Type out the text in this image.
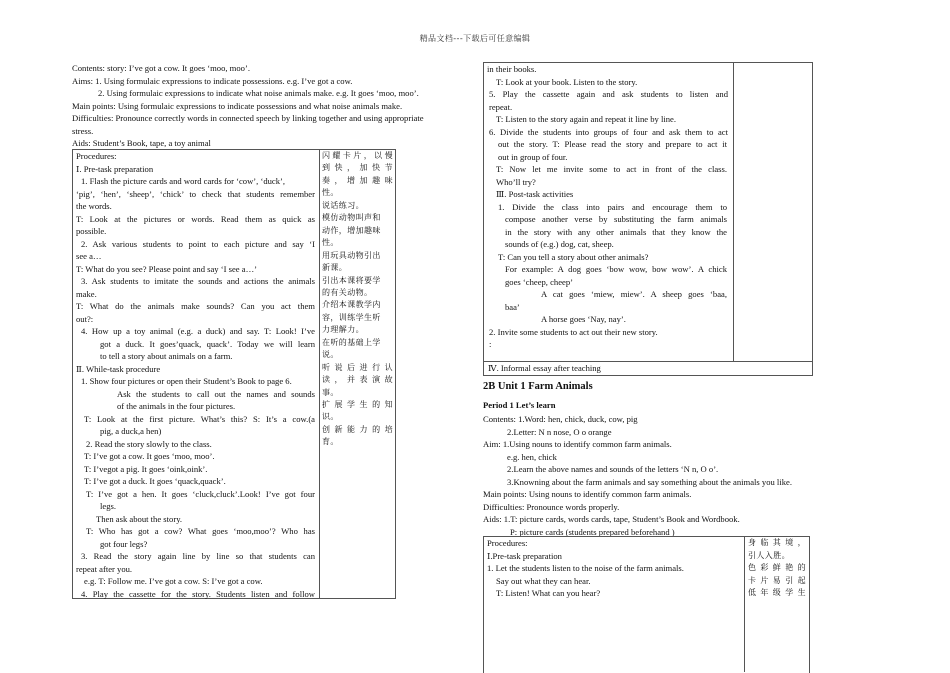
精品文档---下载后可任意编辑
Contents: story: I’ve got a cow. It goes ‘moo, moo’.
Aims: 1. Using formulaic expressions to indicate possessions. e.g. I’ve got a cow.
2. Using formulaic expressions to indicate what noise animals make. e.g. It goes ‘moo, moo’.
Main points: Using formulaic expressions to indicate possessions and what noise animals make.
Difficulties: Pronounce correctly words in connected speech by linking together and using appropriate
stress.
Aids: Student’s Book, tape, a toy animal
Procedures:
Ⅰ. Pre-task preparation
1. Flash the picture cards and word cards for ‘cow’, ‘duck’,
‘pig’, ‘hen’, ‘sheep’, ‘chick’ to check that students remember
the words.
T: Look at the pictures or words. Read them as quick as
possible.
2. Ask various students to point to each picture and say ‘I
see a…
T: What do you see? Please point and say ‘I see a…’
3. Ask students to imitate the sounds and actions the animals
make.
T: What do the animals make sounds? Can you act them
out?:
4. How up a toy animal (e.g. a duck) and say. T: Look! I’ve
got a duck. It goes’quack, quack’. Today we will learn
to tell a story about animals on a farm.
Ⅱ. While-task procedure
1. Show four pictures or open their Student’s Book to page 6.
Ask the students to call out the names and sounds
of the animals in the four pictures.
T: Look at the first picture. What’s this? S: It’s a cow.(a
pig, a duck,a hen)
2. Read the story slowly to the class.
T: I’ve got a cow. It goes ‘moo, moo’.
T: I’vegot a pig. It goes ‘oink,oink’.
T: I’ve got a duck. It goes ‘quack,quack’.
T: I’ve got a hen. It goes ‘cluck,cluck’.Look! I’ve got four
legs.
Then ask about the story.
T: Who has got a cow? What goes ‘moo,moo’? Who has
got four legs?
3. Read the story again line by line so that students can
repeat after you.
e.g. T: Follow me. I’ve got a cow. S: I’ve got a cow.
4. Play the cassette for the story. Students listen and follow
闪耀卡片，以慢
到快，加快节
奏，增加趣味
性。
说话练习。
模仿动物叫声和
动作，增加趣味
性。
用玩具动物引出
新课。
引出本课将要学
的有关动物。
介绍本课教学内
容，训练学生听
力理解力。
在听的基础上学
说。
听说后进行认
读，并表演故
事。
扩展学生的知
识。
创新能力的培
育。
in their books.
T: Look at your book. Listen to the story.
5. Play the cassette again and ask students to listen and
repeat.
T: Listen to the story again and repeat it line by line.
6. Divide the students into groups of four and ask them to act
out the story. T: Please read the story and prepare to act it
out in group of four.
T: Now let me invite some to act in front of the class.
Who’ll try?
Ⅲ. Post-task activities
1. Divide the class into pairs and encourage them to
compose another verse by substituting the farm animals
in the story with any other animals that they know the
sounds of (e.g.) dog, cat, sheep.
T: Can you tell a story about other animals?
For example: A dog goes ‘bow wow, bow wow’. A chick
goes ‘cheep, cheep’
A cat goes ‘miew, miew’. A sheep goes ‘baa,
baa’
A horse goes ‘Nay, nay’.
2. Invite some students to act out their new story.
:
Ⅳ. Informal essay after teaching
2B Unit 1 Farm Animals
Period 1 Let’s learn
Contents: 1.Word: hen, chick, duck, cow, pig
2.Letter: N n nose, O o orange
Aim: 1.Using nouns to identify common farm animals.
e.g. hen, chick
2.Learn the above names and sounds of the letters ‘N n, O o’.
3.Knowning about the farm animals and say something about the animals you like.
Main points: Using nouns to identify common farm animals.
Difficulties: Pronounce words properly.
Aids: 1.T: picture cards, words cards, tape, Student’s Book and Wordbook.
P: picture cards (students prepared beforehand )
Procedures:
Ⅰ.Pre-task preparation
1. Let the students listen to the noise of the farm animals.
Say out what they can hear.
T: Listen! What can you hear?
身临其境，
引人入胜。
色彩鲜艳的
卡片易引起
低年级学生
